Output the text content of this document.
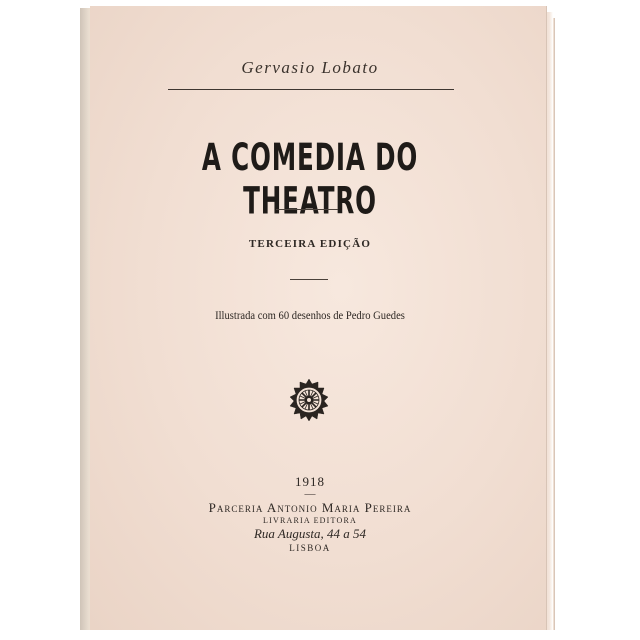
Gervasio Lobato
A COMEDIA DO THEATRO
TERCEIRA EDIÇÃO
Illustrada com 60 desenhos de Pedro Guedes
1918
—
Parceria Antonio Maria Pereira
LIVRARIA EDITORA
Rua Augusta, 44 a 54
LISBOA
